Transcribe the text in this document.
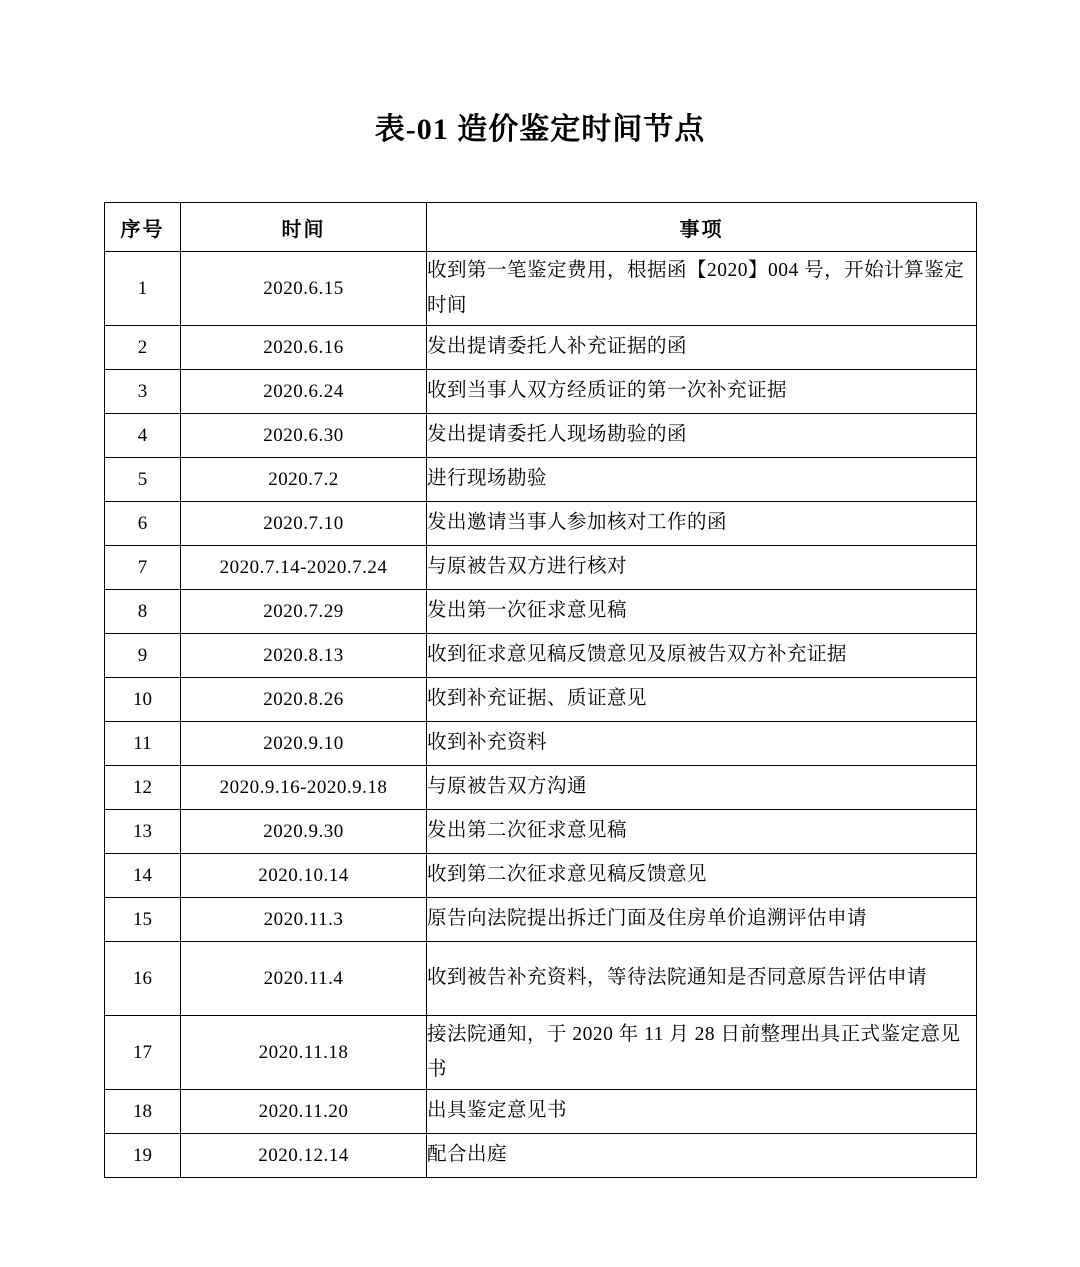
表-01 造价鉴定时间节点
序号	时间	事项
1	2020.6.15	收到第一笔鉴定费用，根据函【2020】004 号，开始计算鉴定时间
2	2020.6.16	发出提请委托人补充证据的函
3	2020.6.24	收到当事人双方经质证的第一次补充证据
4	2020.6.30	发出提请委托人现场勘验的函
5	2020.7.2	进行现场勘验
6	2020.7.10	发出邀请当事人参加核对工作的函
7	2020.7.14-2020.7.24	与原被告双方进行核对
8	2020.7.29	发出第一次征求意见稿
9	2020.8.13	收到征求意见稿反馈意见及原被告双方补充证据
10	2020.8.26	收到补充证据、质证意见
11	2020.9.10	收到补充资料
12	2020.9.16-2020.9.18	与原被告双方沟通
13	2020.9.30	发出第二次征求意见稿
14	2020.10.14	收到第二次征求意见稿反馈意见
15	2020.11.3	原告向法院提出拆迁门面及住房单价追溯评估申请
16	2020.11.4	收到被告补充资料，等待法院通知是否同意原告评估申请
17	2020.11.18	接法院通知，于 2020 年 11 月 28 日前整理出具正式鉴定意见书
18	2020.11.20	出具鉴定意见书
19	2020.12.14	配合出庭
